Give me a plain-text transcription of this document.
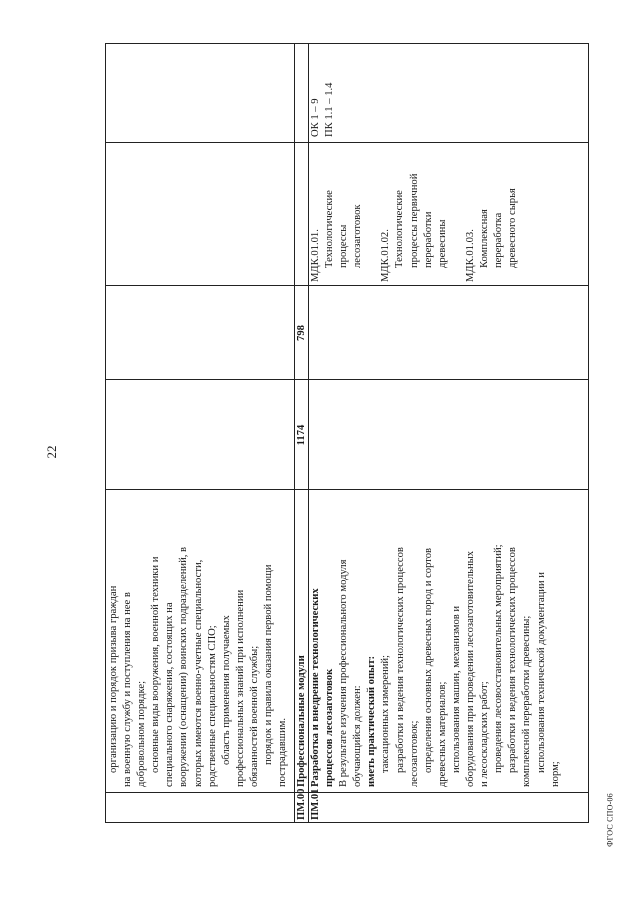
22
ФГОС СПО-06

организацию и порядок призыва граждан на военную службу и поступления на нее в добровольном порядке; основные виды вооружения, военной техники и специального снаряжения, состоящих на вооружении (оснащении) воинских подразделений, в которых имеются военно-учетные специальности, родственные специальностям СПО; область применения получаемых профессиональных знаний при исполнении обязанностей военной службы; порядок и правила оказания первой помощи пострадавшим.

ПМ.00
Профессиональные модули
1174
798
ПМ.01

Разработка и внедрение технологических процессов лесозаготовок В результате изучения профессионального модуля обучающийся должен: иметь практический опыт: таксационных измерений; разработки и ведения технологических процессов лесозаготовок; определения основных древесных пород и сортов древесных материалов; использования машин, механизмов и оборудования при проведении лесозаготовительных и лесоскладских работ; проведения лесовосстановительных мероприятий; разработки и ведения технологических процессов комплексной переработки древесины; использования технической документации и

норм;

МДК.01.01. Технологические процессы лесозаготовок МДК.01.02. Технологические процессы первичной переработки древесины МДК.01.03. Комплексная переработка древесного сырья

ОК 1 – 9 ПК 1.1 – 1.4
